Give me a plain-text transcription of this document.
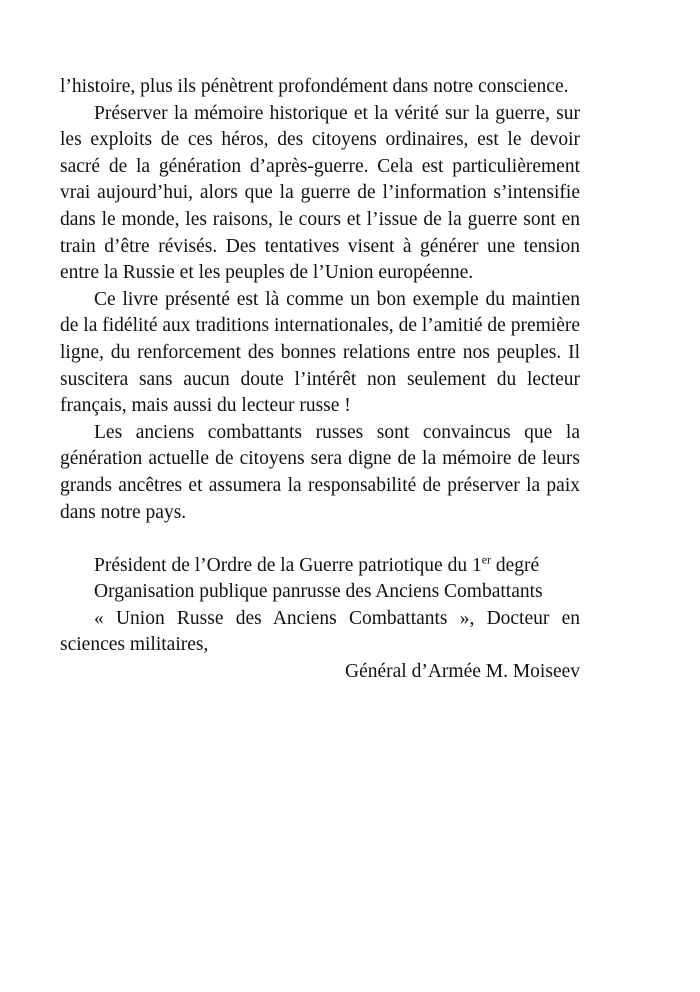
l’histoire, plus ils pénètrent profondément dans notre conscience.

Préserver la mémoire historique et la vérité sur la guerre, sur les exploits de ces héros, des citoyens ordinaires, est le devoir sacré de la génération d’après-guerre. Cela est particulièrement vrai aujourd’hui, alors que la guerre de l’information s’intensifie dans le monde, les raisons, le cours et l’issue de la guerre sont en train d’être révisés. Des tentatives visent à générer une tension entre la Russie et les peuples de l’Union européenne.

Ce livre présenté est là comme un bon exemple du maintien de la fidélité aux traditions internationales, de l’amitié de première ligne, du renforcement des bonnes relations entre nos peuples. Il suscitera sans aucun doute l’intérêt non seulement du lecteur français, mais aussi du lecteur russe !

Les anciens combattants russes sont convaincus que la génération actuelle de citoyens sera digne de la mémoire de leurs grands ancêtres et assumera la responsabilité de préserver la paix dans notre pays.

Président de l’Ordre de la Guerre patriotique du 1er degré

Organisation publique panrusse des Anciens Combattants

« Union Russe des Anciens Combattants », Docteur en sciences militaires,

Général d’Armée M. Moiseev
